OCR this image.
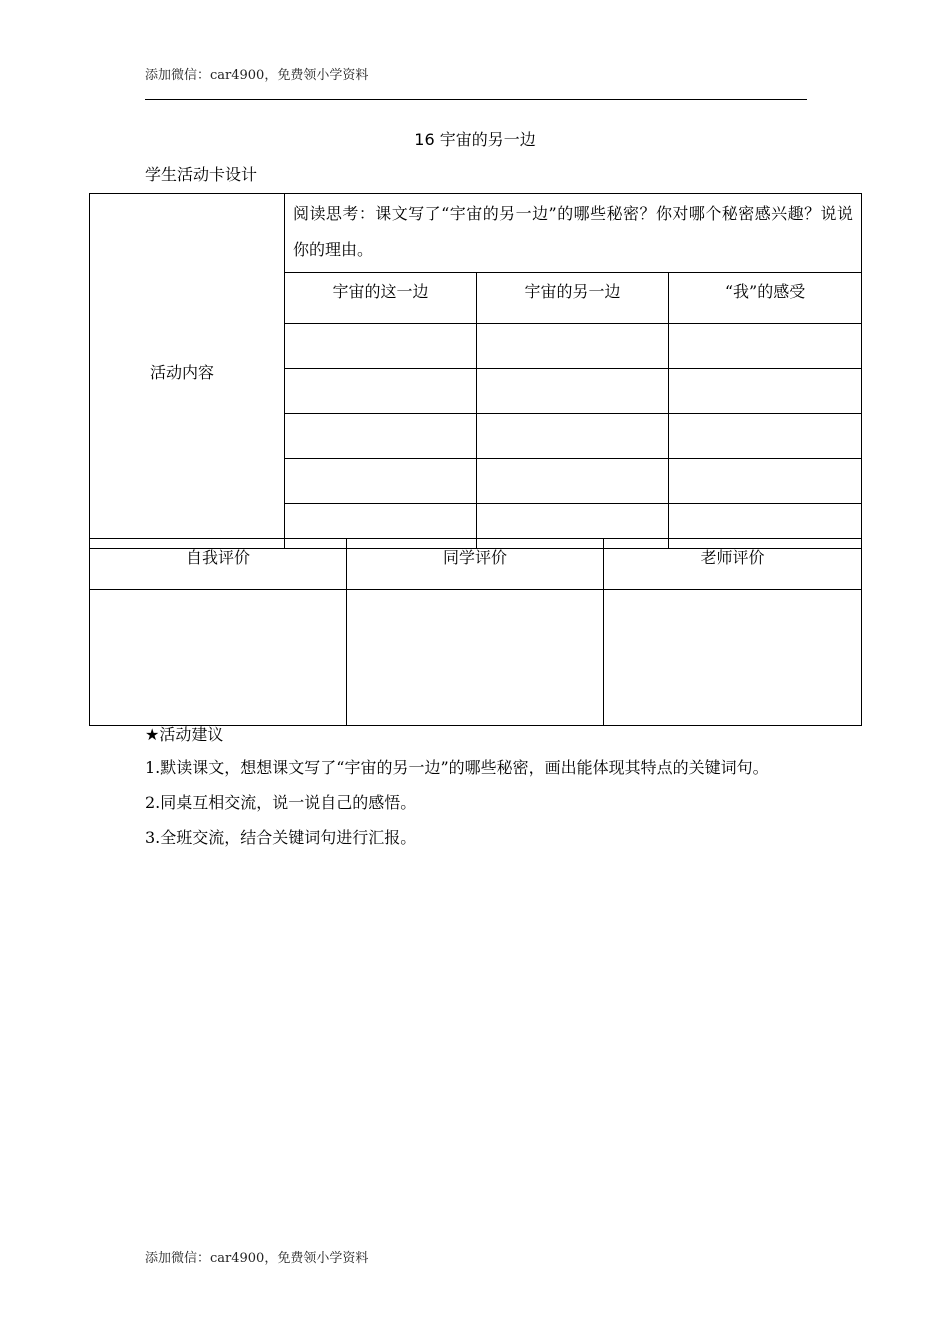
添加微信：car4900，免费领小学资料
16 宇宙的另一边
学生活动卡设计
活动内容	阅读思考：课文写了“宇宙的另一边”的哪些秘密？你对哪个秘密感兴趣？说说你的理由。		
	宇宙的这一边	宇宙的另一边	“我”的感受

自我评价	同学评价	老师评价

★活动建议

1.默读课文，想想课文写了“宇宙的另一边”的哪些秘密，画出能体现其特点的关键词句。

2.同桌互相交流，说一说自己的感悟。

3.全班交流，结合关键词句进行汇报。

添加微信：car4900，免费领小学资料
